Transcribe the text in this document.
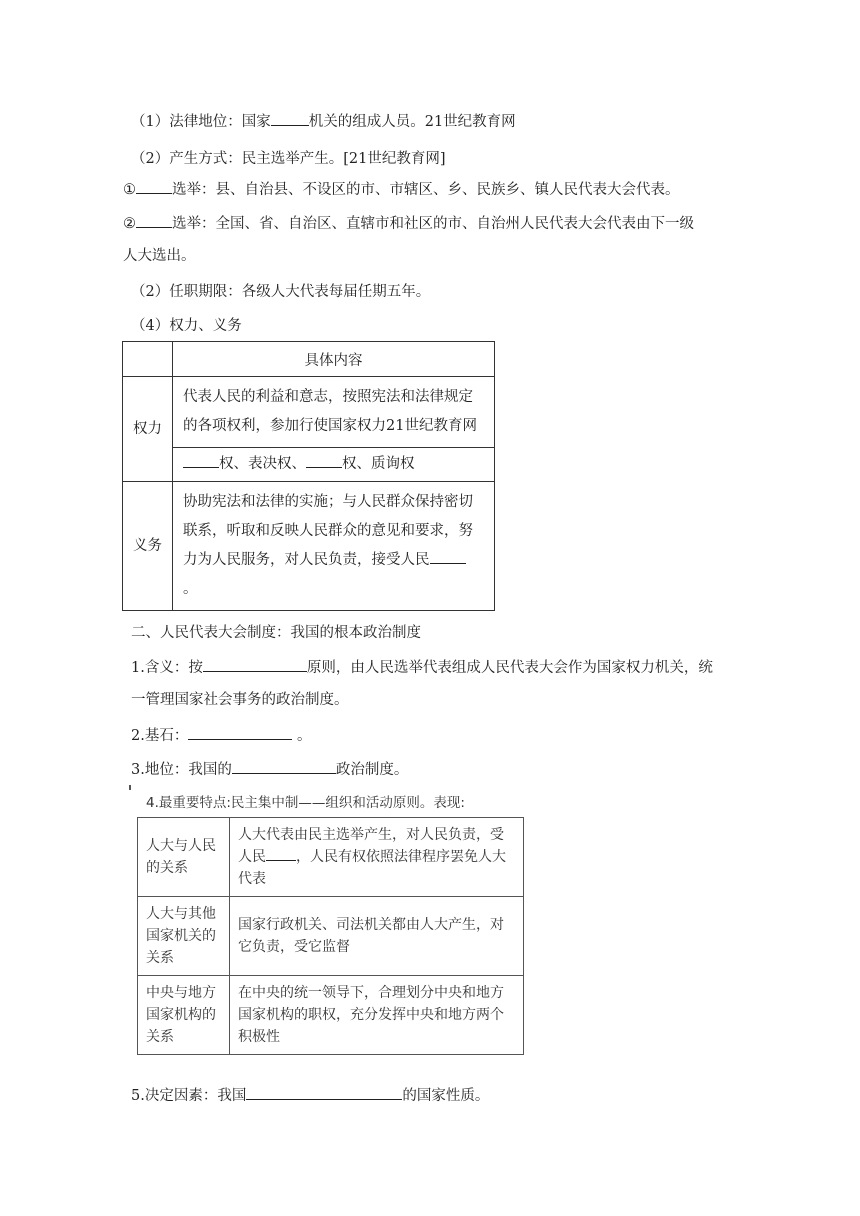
（1）法律地位：国家	机关的组成人员。21世纪教育网
（2）产生方式：民主选举产生。[21世纪教育网]
① 选举：县、自治县、不设区的市、市辖区、乡、民族乡、镇人民代表大会代表。
② 选举：全国、省、自治区、直辖市和社区的市、自治州人民代表大会代表由下一级
人大选出。
（2）任职期限：各级人大代表每届任期五年。
（4）权力、义务
	具体内容
权力	代表人民的利益和意志，按照宪法和法律规定的各项权利，参加行使国家权力21世纪教育网
	权、表决权、 权、质询权
义务	协助宪法和法律的实施；与人民群众保持密切联系，听取和反映人民群众的意见和要求，努力为人民服务，对人民负责，接受人民 。
二、人民代表大会制度：我国的根本政治制度
1.含义：按	原则，由人民选举代表组成人民代表大会作为国家权力机关，统
一管理国家社会事务的政治制度。
2.基石：	。
3.地位：我国的	政治制度。
4.最重要特点:民主集中制——组织和活动原则。表现:
人大与人民的关系	人大代表由民主选举产生，对人民负责，受人民 ，人民有权依照法律程序罢免人大代表
人大与其他国家机关的关系	国家行政机关、司法机关都由人大产生，对它负责，受它监督
中央与地方国家机构的关系	在中央的统一领导下，合理划分中央和地方国家机构的职权，充分发挥中央和地方两个积极性
5.决定因素：我国	的国家性质。
